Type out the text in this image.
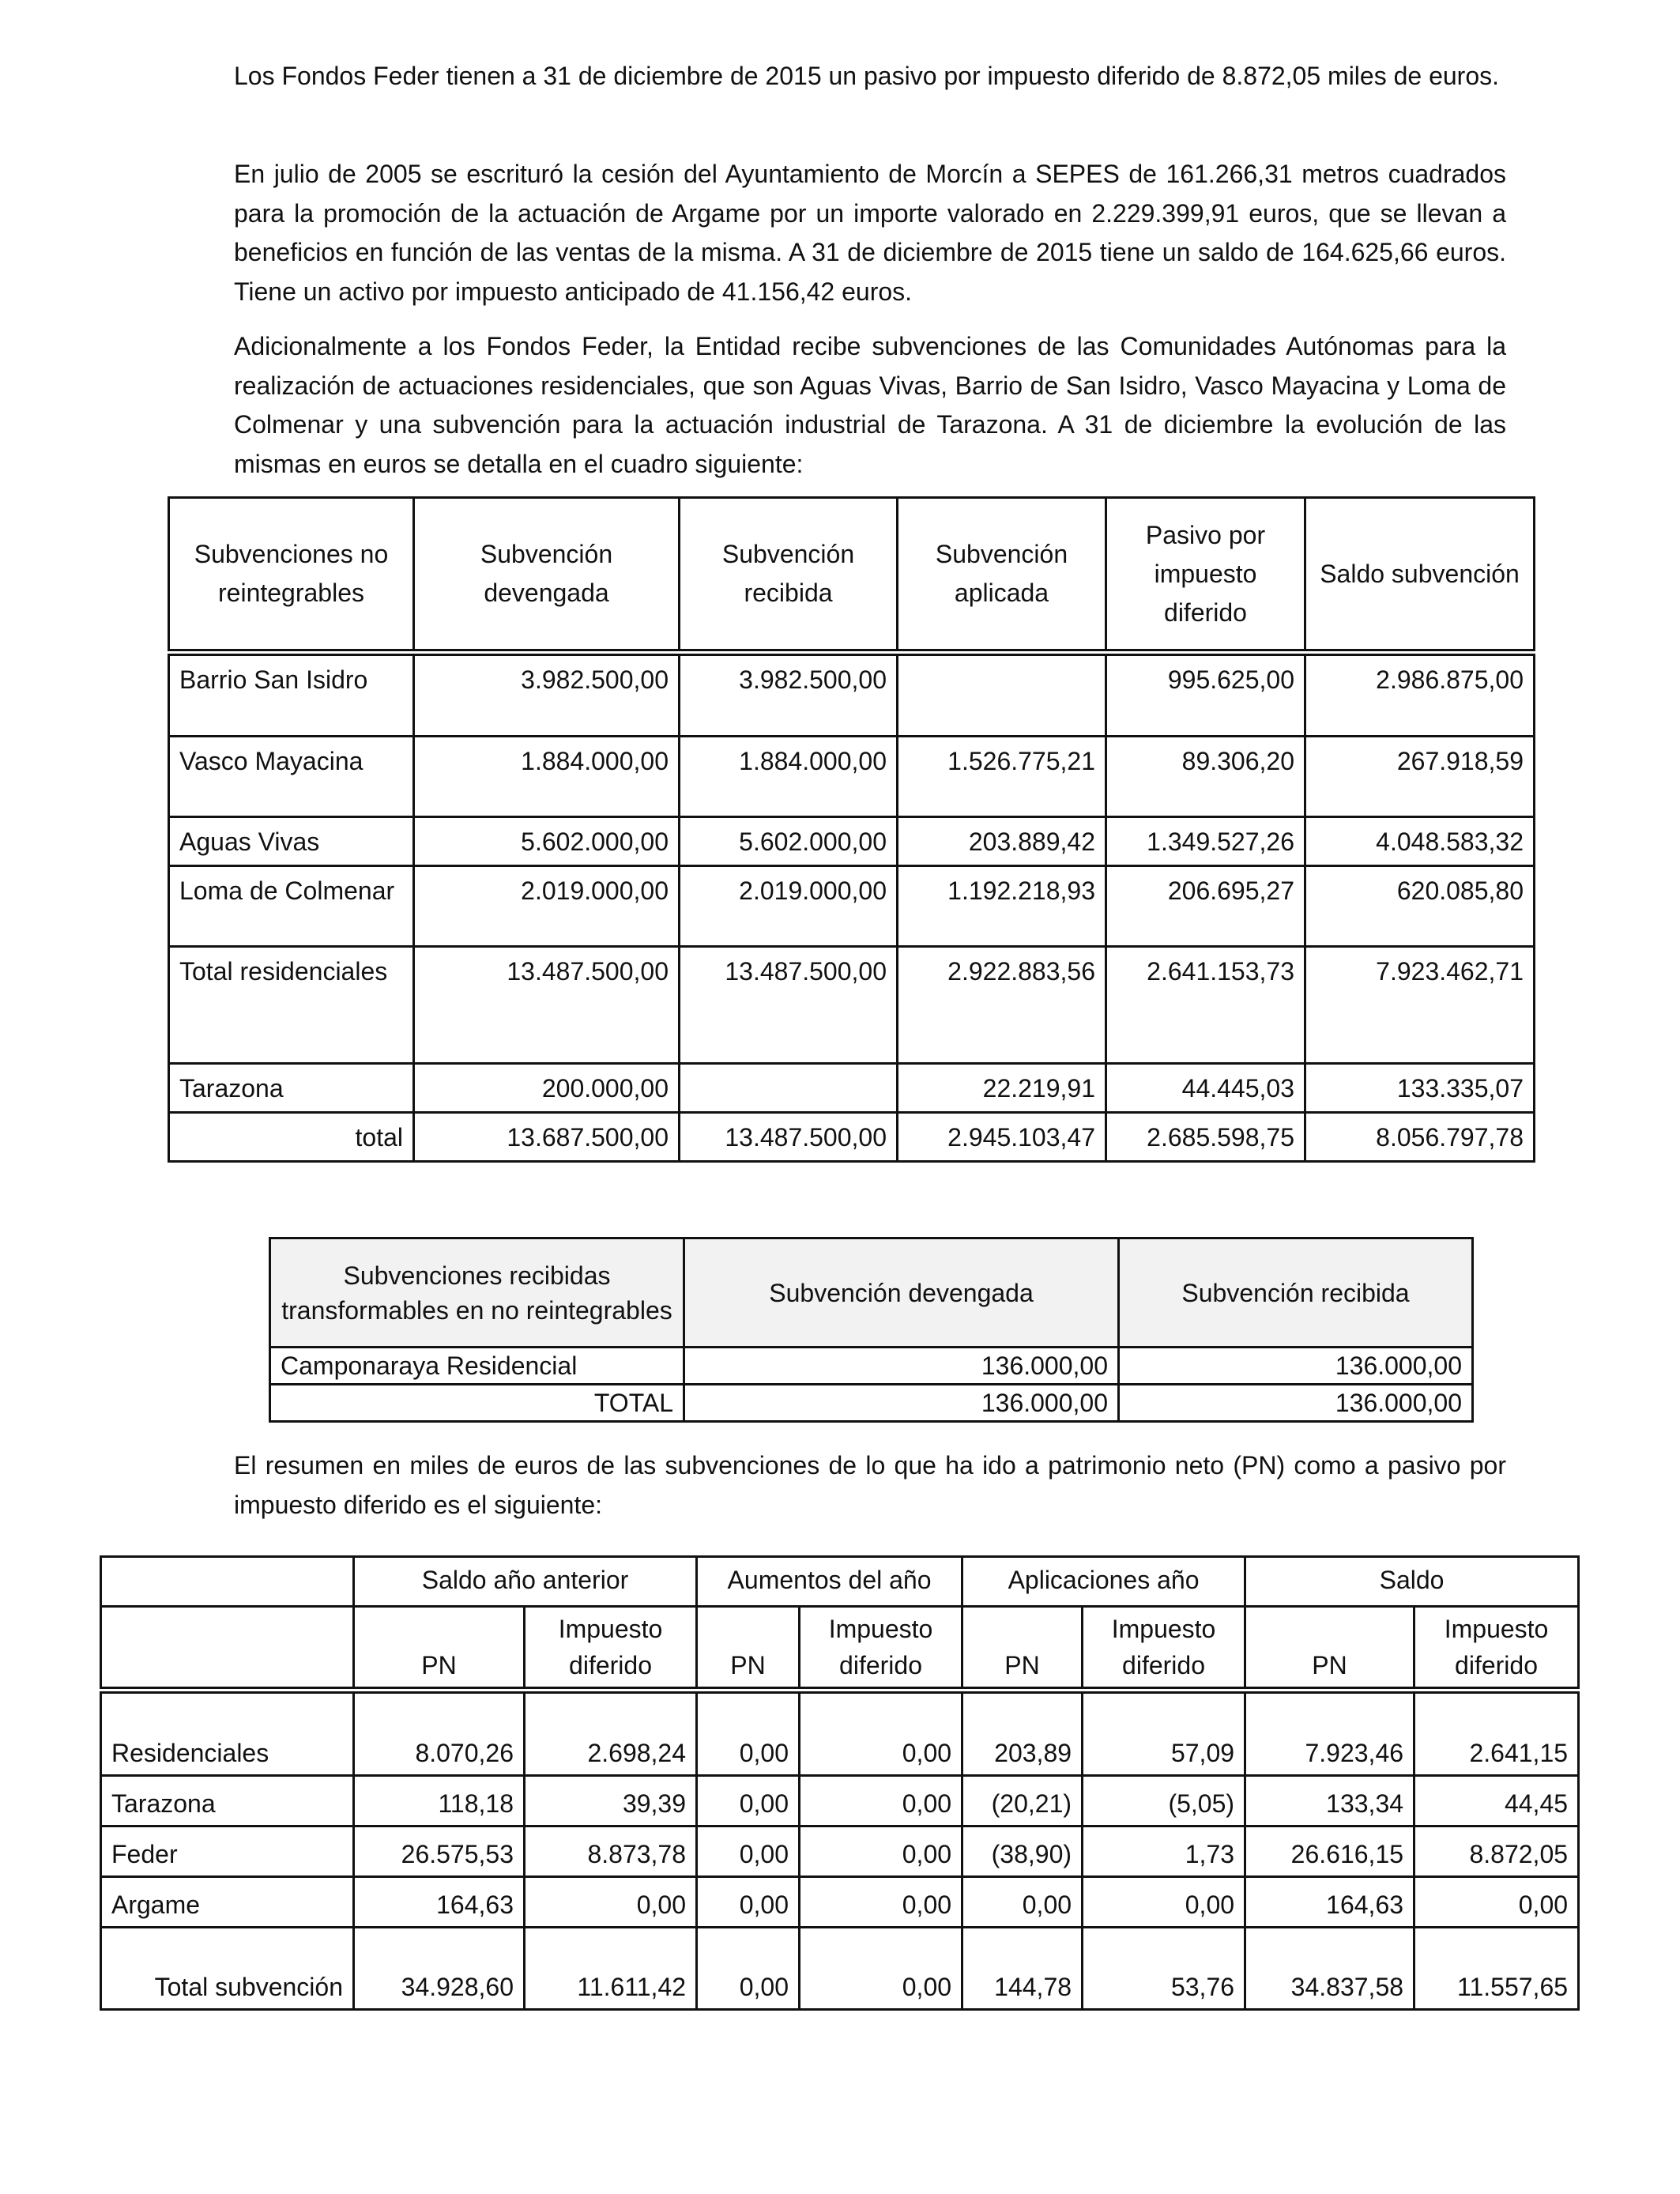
Los Fondos Feder tienen a 31 de diciembre de 2015 un pasivo por impuesto diferido de 8.872,05 miles de euros.

En julio de 2005 se escrituró la cesión del Ayuntamiento de Morcín a SEPES de 161.266,31 metros cuadrados para la promoción de la actuación de Argame por un importe valorado en 2.229.399,91 euros, que se llevan a beneficios en función de las ventas de la misma. A 31 de diciembre de 2015 tiene un saldo de 164.625,66 euros. Tiene un activo por impuesto anticipado de 41.156,42 euros.

Adicionalmente a los Fondos Feder, la Entidad recibe subvenciones de las Comunidades Autónomas para la realización de actuaciones residenciales, que son Aguas Vivas, Barrio de San Isidro, Vasco Mayacina y Loma de Colmenar y una subvención para la actuación industrial de Tarazona. A 31 de diciembre la evolución de las mismas en euros se detalla en el cuadro siguiente:

El resumen en miles de euros de las subvenciones de lo que ha ido a patrimonio neto (PN) como a pasivo por impuesto diferido es el siguiente:

Subvenciones no reintegrables	Subvención devengada	Subvención recibida	Subvención aplicada	Pasivo por impuesto diferido	Saldo subvención
Barrio San Isidro	3.982.500,00	3.982.500,00		995.625,00	2.986.875,00
Vasco Mayacina	1.884.000,00	1.884.000,00	1.526.775,21	89.306,20	267.918,59
Aguas Vivas	5.602.000,00	5.602.000,00	203.889,42	1.349.527,26	4.048.583,32
Loma de Colmenar	2.019.000,00	2.019.000,00	1.192.218,93	206.695,27	620.085,80
Total residenciales	13.487.500,00	13.487.500,00	2.922.883,56	2.641.153,73	7.923.462,71
Tarazona	200.000,00		22.219,91	44.445,03	133.335,07
total	13.687.500,00	13.487.500,00	2.945.103,47	2.685.598,75	8.056.797,78
Subvenciones recibidas transformables en no reintegrables	Subvención devengada	Subvención recibida
Camponaraya Residencial	136.000,00	136.000,00
TOTAL	136.000,00	136.000,00
	Saldo año anterior		Aumentos del año		Aplicaciones año		Saldo	
	PN	Impuesto diferido	PN	Impuesto diferido	PN	Impuesto diferido	PN	Impuesto diferido
Residenciales	8.070,26	2.698,24	0,00	0,00	203,89	57,09	7.923,46	2.641,15
Tarazona	118,18	39,39	0,00	0,00	(20,21)	(5,05)	133,34	44,45
Feder	26.575,53	8.873,78	0,00	0,00	(38,90)	1,73	26.616,15	8.872,05
Argame	164,63	0,00	0,00	0,00	0,00	0,00	164,63	0,00
Total subvención	34.928,60	11.611,42	0,00	0,00	144,78	53,76	34.837,58	11.557,65
